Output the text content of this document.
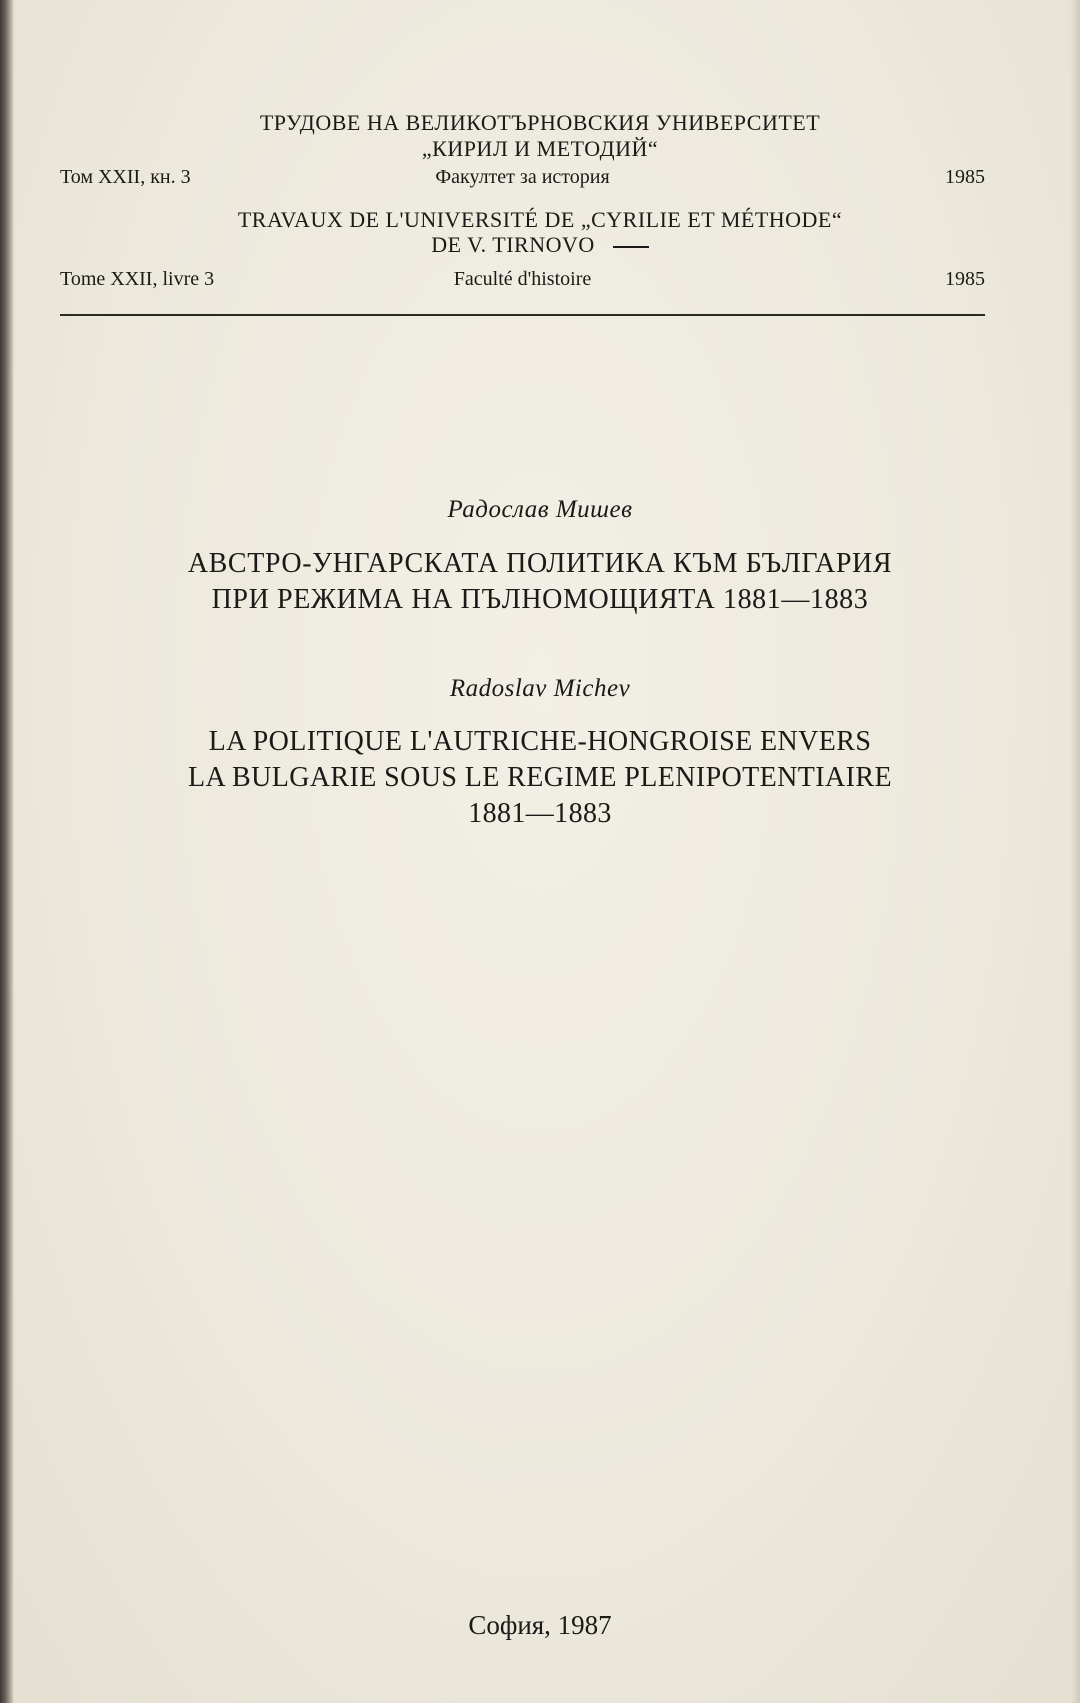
ТРУДОВЕ НА ВЕЛИКОТЪРНОВСКИЯ УНИВЕРСИТЕТ
„КИРИЛ И МЕТОДИЙ“
Том XXII, кн. 3	Факултет за история	1985
TRAVAUX DE L'UNIVERSITÉ DE „CYRILIE ET MÉTHODE“
DE V. TIRNOVO
Tome XXII, livre 3	Faculté d'histoire	1985
Радослав Мишев
АВСТРО-УНГАРСКАТА ПОЛИТИКА КЪМ БЪЛГАРИЯ
ПРИ РЕЖИМА НА ПЪЛНОМОЩИЯТА 1881—1883
Radoslav Michev
LA POLITIQUE L'AUTRICHE-HONGROISE ENVERS
LA BULGARIE SOUS LE REGIME PLENIPOTENTIAIRE
1881—1883
София, 1987
